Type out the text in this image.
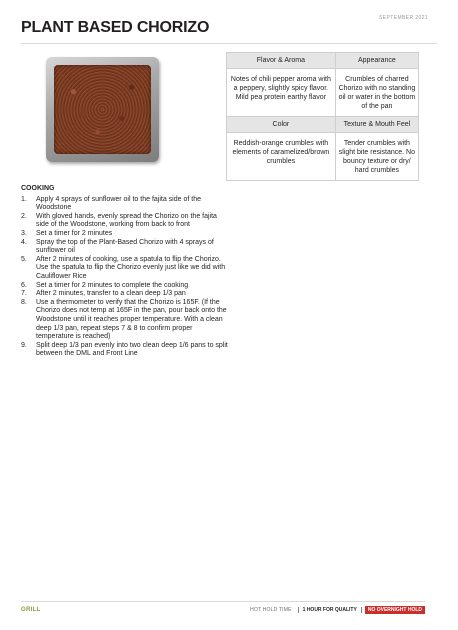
SEPTEMBER 2021
PLANT BASED CHORIZO
Flavor & Aroma	Appearance
Notes of chili pepper aroma with a peppery, slightly spicy flavor. Mild pea protein earthy flavor	Crumbles of charred Chorizo with no standing oil or water in the bottom of the pan
Color	Texture & Mouth Feel
Reddish-orange crumbles with elements of caramelized/brown crumbles	Tender crumbles with slight bite resistance. No bouncy texture or dry/ hard crumbles
COOKING
1. Apply 4 sprays of sunflower oil to the fajita side of the Woodstone
2. With gloved hands, evenly spread the Chorizo on the fajita side of the Woodstone, working from back to front
3. Set a timer for 2 minutes
4. Spray the top of the Plant-Based Chorizo with 4 sprays of sunflower oil
5. After 2 minutes of cooking, use a spatula to flip the Chorizo. Use the spatula to flip the Chorizo evenly just like we did with Cauliflower Rice
6. Set a timer for 2 minutes to complete the cooking
7. After 2 minutes, transfer to a clean deep 1/3 pan
8. Use a thermometer to verify that the Chorizo is 165F. (If the Chorizo does not temp at 165F in the pan, pour back onto the Woodstone until it reaches proper temperature. With a clean deep 1/3 pan, repeat steps 7 & 8 to confirm proper temperature is reached)
9. Split deep 1/3 pan evenly into two clean deep 1/6 pans to split between the DML and Front Line
GRILL	HOT HOLD TIME	1 HOUR FOR QUALITY	NO OVERNIGHT HOLD
